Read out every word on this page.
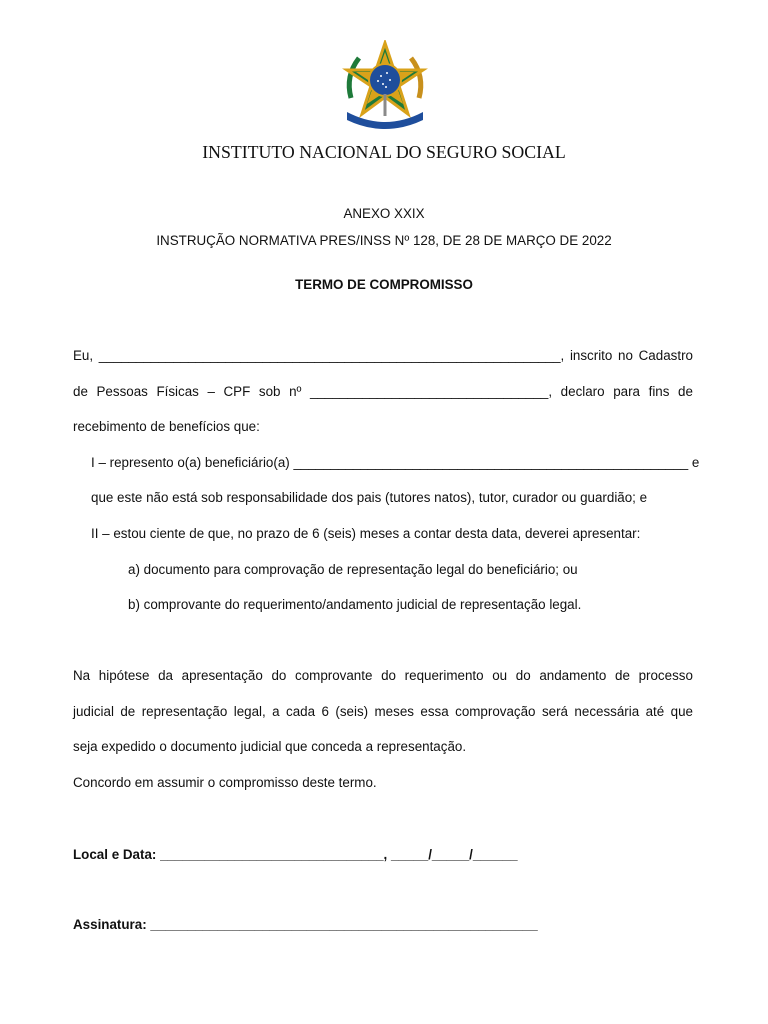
INSTITUTO NACIONAL DO SEGURO SOCIAL
ANEXO XXIX
INSTRUÇÃO NORMATIVA PRES/INSS Nº 128, DE 28 DE MARÇO DE 2022
TERMO DE COMPROMISSO
Eu, ______________________________________________________________, inscrito no Cadastro
de Pessoas Físicas – CPF sob nº ________________________________, declaro para fins de
recebimento de benefícios que:
I – represento o(a) beneficiário(a) _____________________________________________________ e
que este não está sob responsabilidade dos pais (tutores natos), tutor, curador ou guardião; e
II – estou ciente de que, no prazo de 6 (seis) meses a contar desta data, deverei apresentar:
a) documento para comprovação de representação legal do beneficiário; ou
b) comprovante do requerimento/andamento judicial de representação legal.
Na hipótese da apresentação do comprovante do requerimento ou do andamento de processo
judicial de representação legal, a cada 6 (seis) meses essa comprovação será necessária até que
seja expedido o documento judicial que conceda a representação.
Concordo em assumir o compromisso deste termo.
Local e Data: ______________________________, _____/_____/______
Assinatura: ____________________________________________________
